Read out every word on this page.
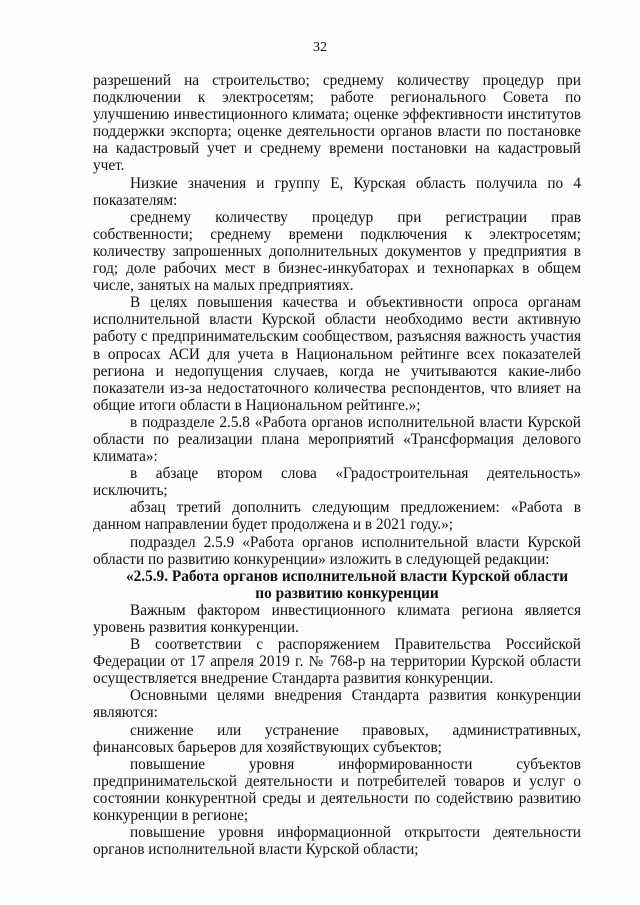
32

разрешений на строительство; среднему количеству процедур при подключении к электросетям; работе регионального Совета по улучшению инвестиционного климата; оценке эффективности институтов поддержки экспорта; оценке деятельности органов власти по постановке на кадастровый учет и среднему времени постановки на кадастровый учет.

Низкие значения и группу Е, Курская область получила по 4 показателям:

среднему количеству процедур при регистрации прав собственности; среднему времени подключения к электросетям; количеству запрошенных дополнительных документов у предприятия в год; доле рабочих мест в бизнес-инкубаторах и технопарках в общем числе, занятых на малых предприятиях.

В целях повышения качества и объективности опроса органам исполнительной власти Курской области необходимо вести активную работу с предпринимательским сообществом, разъясняя важность участия в опросах АСИ для учета в Национальном рейтинге всех показателей региона и недопущения случаев, когда не учитываются какие-либо показатели из-за недостаточного количества респондентов, что влияет на общие итоги области в Национальном рейтинге.»;

в подразделе 2.5.8 «Работа органов исполнительной власти Курской области по реализации плана мероприятий «Трансформация делового климата»:

в абзаце втором слова «Градостроительная деятельность» исключить;

абзац третий дополнить следующим предложением: «Работа в данном направлении будет продолжена и в 2021 году.»;

подраздел 2.5.9 «Работа органов исполнительной власти Курской области по развитию конкуренции» изложить в следующей редакции:

«2.5.9. Работа органов исполнительной власти Курской области
по развитию конкуренции

Важным фактором инвестиционного климата региона является уровень развития конкуренции.

В соответствии с распоряжением Правительства Российской Федерации от 17 апреля 2019 г. № 768-р на территории Курской области осуществляется внедрение Стандарта развития конкуренции.

Основными целями внедрения Стандарта развития конкуренции являются:

снижение или устранение правовых, административных, финансовых барьеров для хозяйствующих субъектов;

повышение уровня информированности субъектов предпринимательской деятельности и потребителей товаров и услуг о состоянии конкурентной среды и деятельности по содействию развитию конкуренции в регионе;

повышение уровня информационной открытости деятельности органов исполнительной власти Курской области;
